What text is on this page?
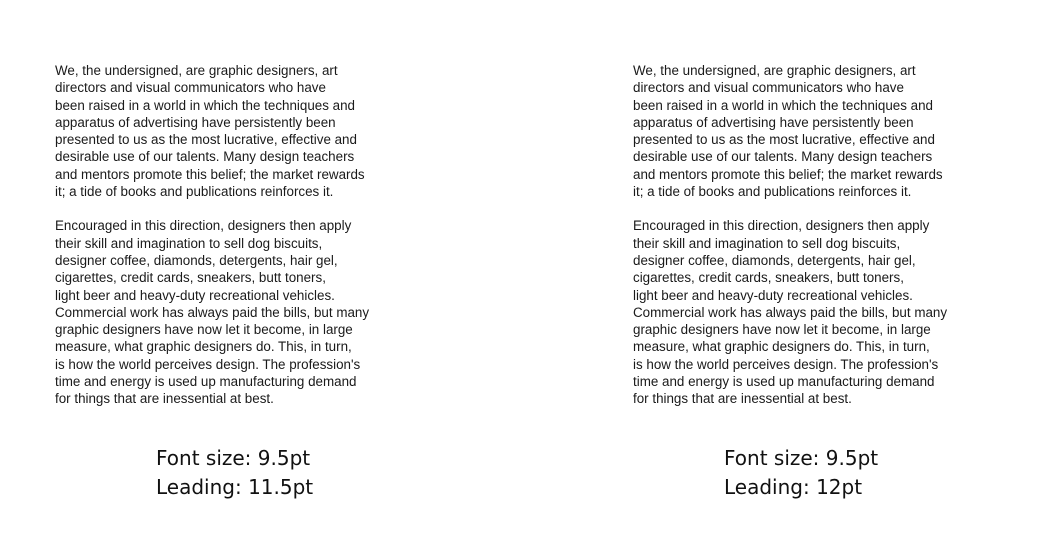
We, the undersigned, are graphic designers, art
directors and visual communicators who have
been raised in a world in which the techniques and
apparatus of advertising have persistently been
presented to us as the most lucrative, effective and
desirable use of our talents. Many design teachers
and mentors promote this belief; the market rewards
it; a tide of books and publications reinforces it.
Encouraged in this direction, designers then apply
their skill and imagination to sell dog biscuits,
designer coffee, diamonds, detergents, hair gel,
cigarettes, credit cards, sneakers, butt toners,
light beer and heavy-duty recreational vehicles.
Commercial work has always paid the bills, but many
graphic designers have now let it become, in large
measure, what graphic designers do. This, in turn,
is how the world perceives design. The profession's
time and energy is used up manufacturing demand
for things that are inessential at best.
Font size: 9.5pt
Leading: 11.5pt
We, the undersigned, are graphic designers, art
directors and visual communicators who have
been raised in a world in which the techniques and
apparatus of advertising have persistently been
presented to us as the most lucrative, effective and
desirable use of our talents. Many design teachers
and mentors promote this belief; the market rewards
it; a tide of books and publications reinforces it.
Encouraged in this direction, designers then apply
their skill and imagination to sell dog biscuits,
designer coffee, diamonds, detergents, hair gel,
cigarettes, credit cards, sneakers, butt toners,
light beer and heavy-duty recreational vehicles.
Commercial work has always paid the bills, but many
graphic designers have now let it become, in large
measure, what graphic designers do. This, in turn,
is how the world perceives design. The profession's
time and energy is used up manufacturing demand
for things that are inessential at best.
Font size: 9.5pt
Leading: 12pt
